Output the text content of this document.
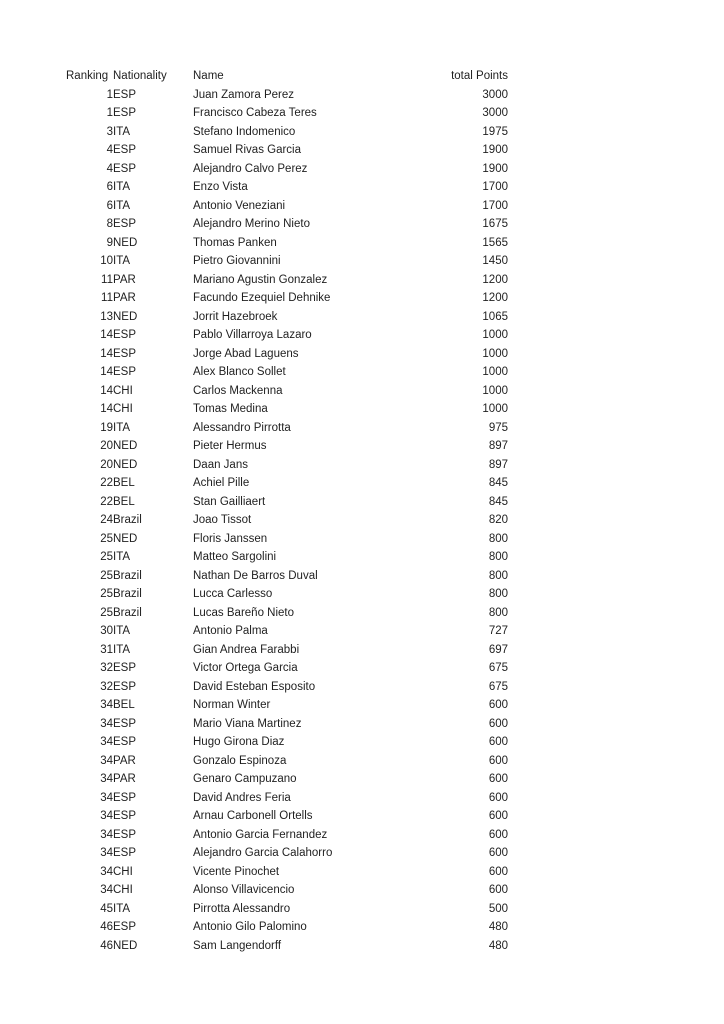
Ranking	Nationality	Name	total Points
1	ESP	Juan Zamora Perez	3000
1	ESP	Francisco Cabeza Teres	3000
3	ITA	Stefano Indomenico	1975
4	ESP	Samuel Rivas Garcia	1900
4	ESP	Alejandro Calvo Perez	1900
6	ITA	Enzo Vista	1700
6	ITA	Antonio Veneziani	1700
8	ESP	Alejandro Merino Nieto	1675
9	NED	Thomas Panken	1565
10	ITA	Pietro Giovannini	1450
11	PAR	Mariano Agustin Gonzalez	1200
11	PAR	Facundo Ezequiel Dehnike	1200
13	NED	Jorrit Hazebroek	1065
14	ESP	Pablo Villarroya Lazaro	1000
14	ESP	Jorge Abad Laguens	1000
14	ESP	Alex Blanco Sollet	1000
14	CHI	Carlos Mackenna	1000
14	CHI	Tomas Medina	1000
19	ITA	Alessandro Pirrotta	975
20	NED	Pieter Hermus	897
20	NED	Daan Jans	897
22	BEL	Achiel Pille	845
22	BEL	Stan Gailliaert	845
24	Brazil	Joao Tissot	820
25	NED	Floris Janssen	800
25	ITA	Matteo Sargolini	800
25	Brazil	Nathan De Barros Duval	800
25	Brazil	Lucca Carlesso	800
25	Brazil	Lucas Bareño Nieto	800
30	ITA	Antonio Palma	727
31	ITA	Gian Andrea Farabbi	697
32	ESP	Victor Ortega Garcia	675
32	ESP	David Esteban Esposito	675
34	BEL	Norman Winter	600
34	ESP	Mario Viana Martinez	600
34	ESP	Hugo Girona Diaz	600
34	PAR	Gonzalo Espinoza	600
34	PAR	Genaro Campuzano	600
34	ESP	David Andres Feria	600
34	ESP	Arnau Carbonell Ortells	600
34	ESP	Antonio Garcia Fernandez	600
34	ESP	Alejandro Garcia Calahorro	600
34	CHI	Vicente Pinochet	600
34	CHI	Alonso Villavicencio	600
45	ITA	Pirrotta Alessandro	500
46	ESP	Antonio Gilo Palomino	480
46	NED	Sam Langendorff	480
